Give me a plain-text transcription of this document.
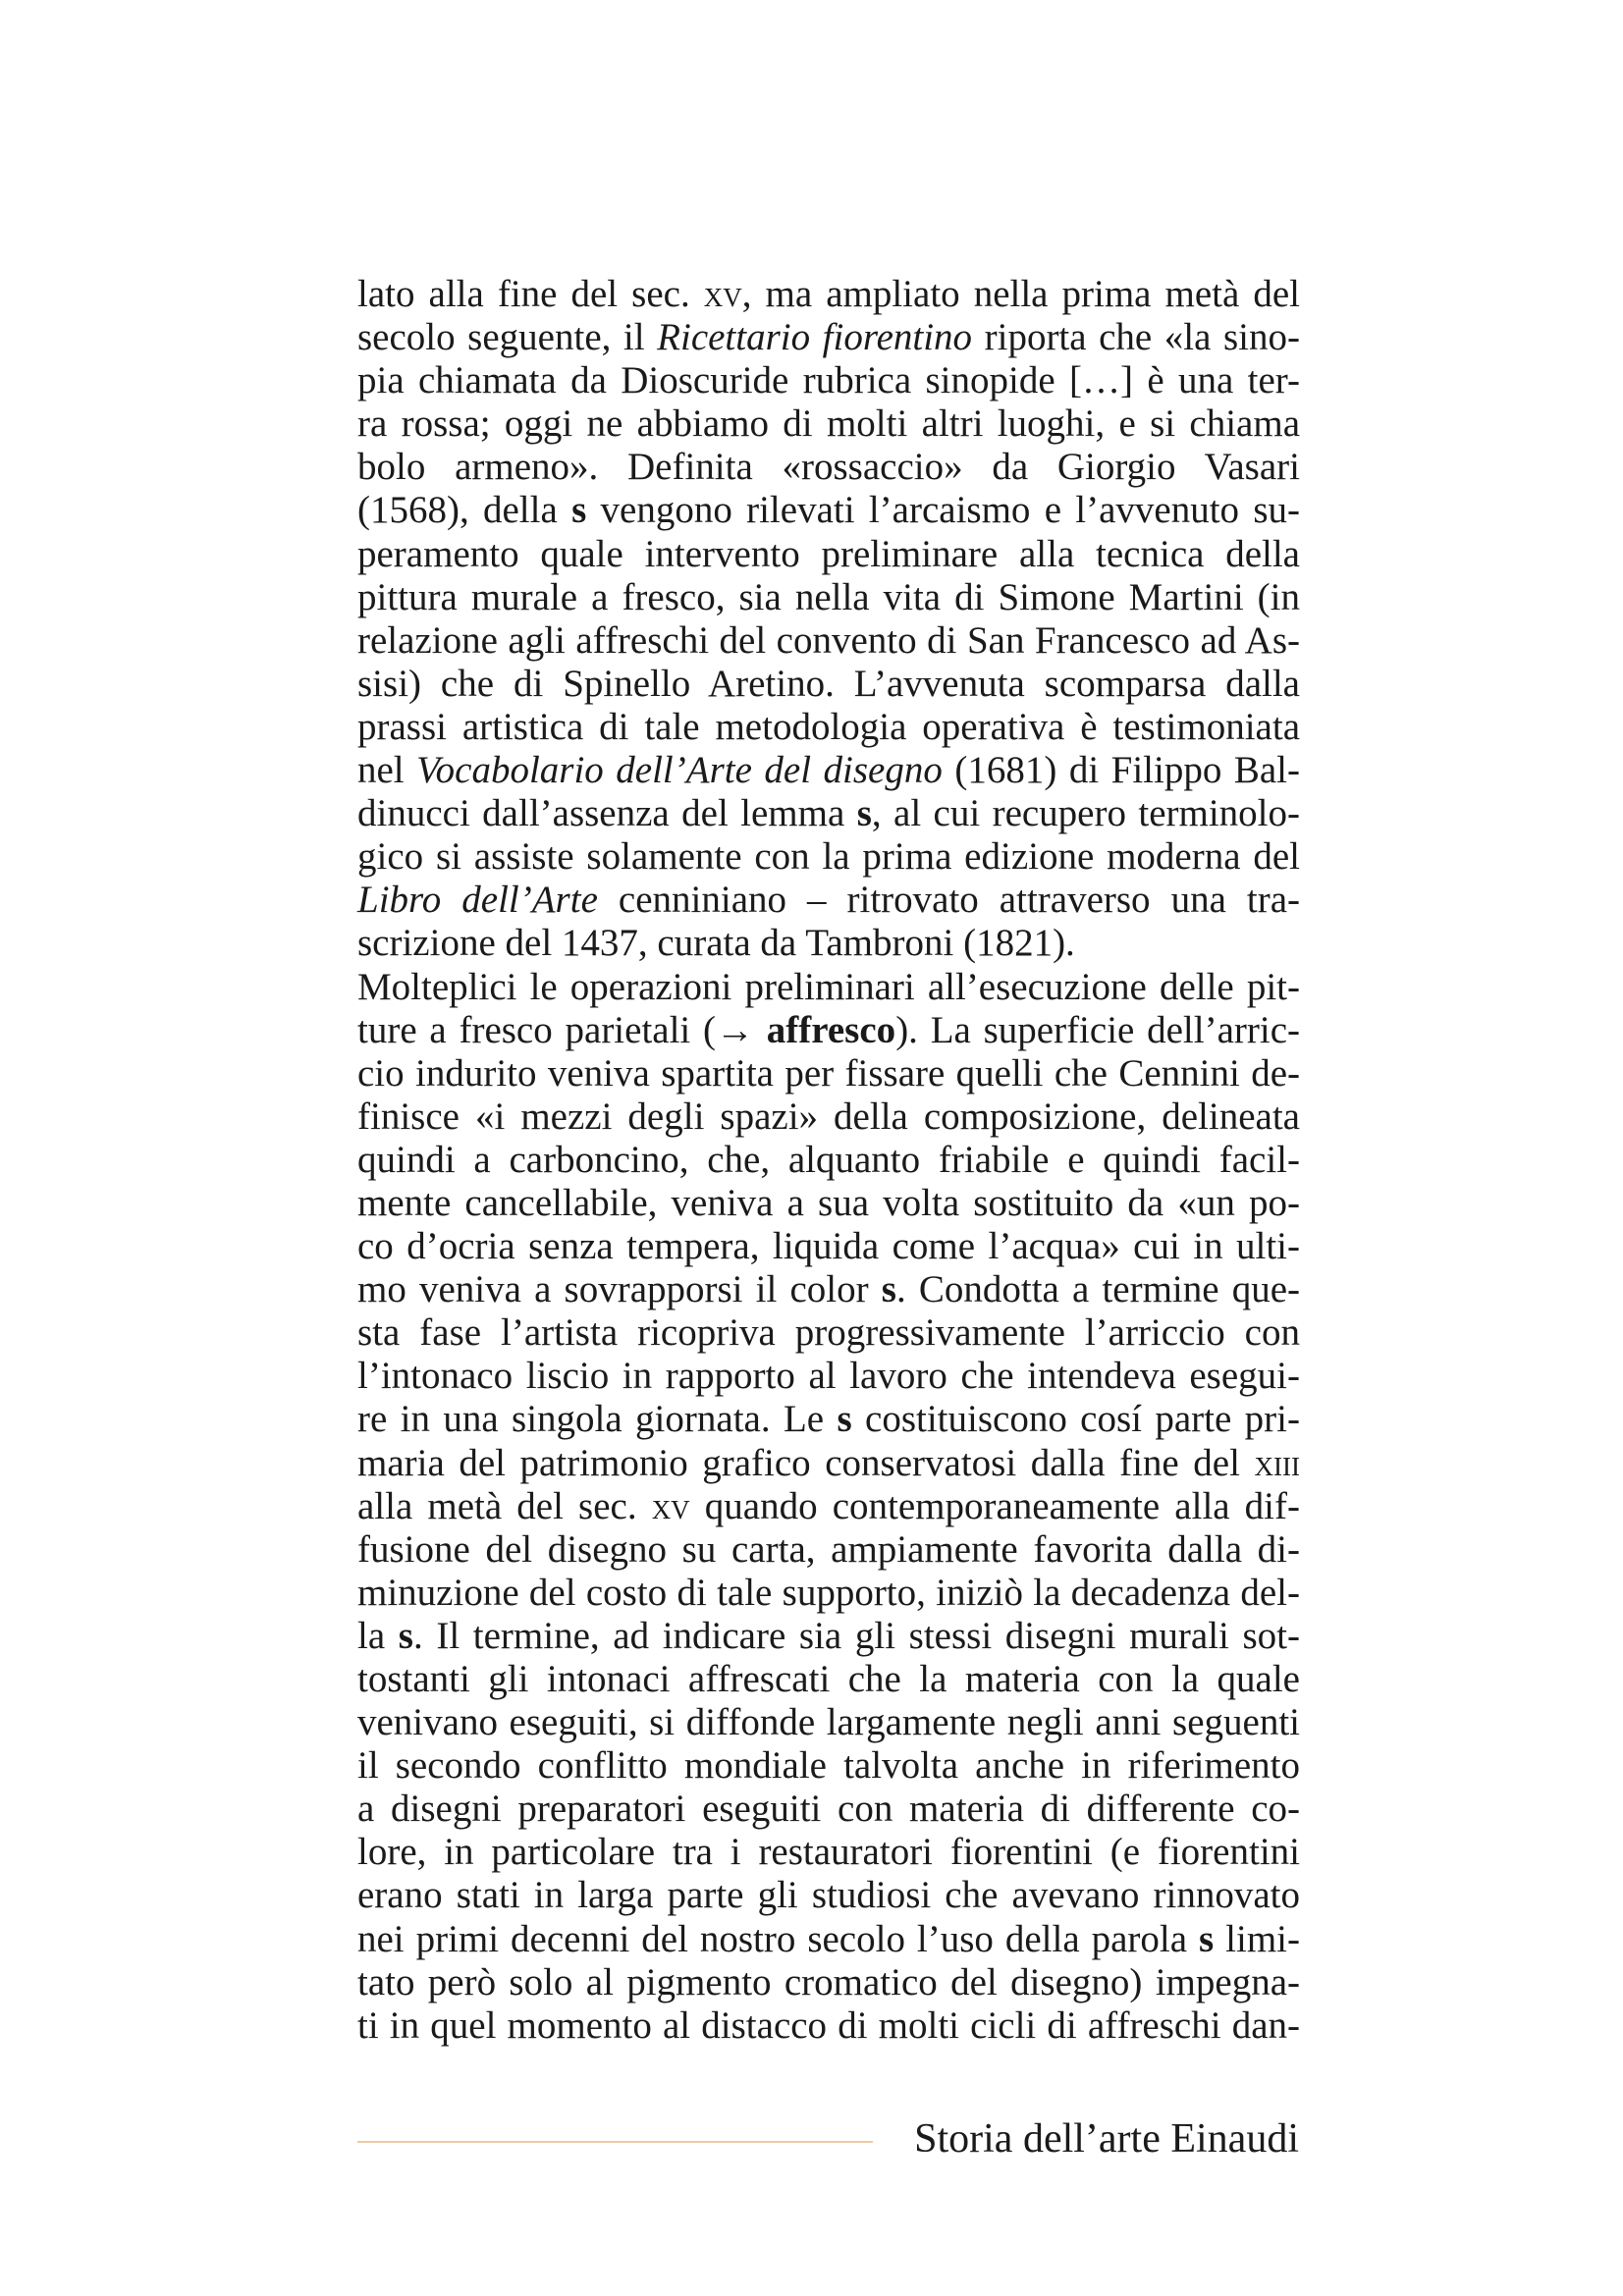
lato alla fine del sec. xv, ma ampliato nella prima metà del
secolo seguente, il Ricettario fiorentino riporta che «la sino-
pia chiamata da Dioscuride rubrica sinopide […] è una ter-
ra rossa; oggi ne abbiamo di molti altri luoghi, e si chiama
bolo armeno». Definita «rossaccio» da Giorgio Vasari
(1568), della s vengono rilevati l’arcaismo e l’avvenuto su-
peramento quale intervento preliminare alla tecnica della
pittura murale a fresco, sia nella vita di Simone Martini (in
relazione agli affreschi del convento di San Francesco ad As-
sisi) che di Spinello Aretino. L’avvenuta scomparsa dalla
prassi artistica di tale metodologia operativa è testimoniata
nel Vocabolario dell’Arte del disegno (1681) di Filippo Bal-
dinucci dall’assenza del lemma s, al cui recupero terminolo-
gico si assiste solamente con la prima edizione moderna del
Libro dell’Arte cenniniano – ritrovato attraverso una tra-
scrizione del 1437, curata da Tambroni (1821).
Molteplici le operazioni preliminari all’esecuzione delle pit-
ture a fresco parietali (→ affresco). La superficie dell’arric-
cio indurito veniva spartita per fissare quelli che Cennini de-
finisce «i mezzi degli spazi» della composizione, delineata
quindi a carboncino, che, alquanto friabile e quindi facil-
mente cancellabile, veniva a sua volta sostituito da «un po-
co d’ocria senza tempera, liquida come l’acqua» cui in ulti-
mo veniva a sovrapporsi il color s. Condotta a termine que-
sta fase l’artista ricopriva progressivamente l’arriccio con
l’intonaco liscio in rapporto al lavoro che intendeva esegui-
re in una singola giornata. Le s costituiscono cosí parte pri-
maria del patrimonio grafico conservatosi dalla fine del xiii
alla metà del sec. xv quando contemporaneamente alla dif-
fusione del disegno su carta, ampiamente favorita dalla di-
minuzione del costo di tale supporto, iniziò la decadenza del-
la s. Il termine, ad indicare sia gli stessi disegni murali sot-
tostanti gli intonaci affrescati che la materia con la quale
venivano eseguiti, si diffonde largamente negli anni seguenti
il secondo conflitto mondiale talvolta anche in riferimento
a disegni preparatori eseguiti con materia di differente co-
lore, in particolare tra i restauratori fiorentini (e fiorentini
erano stati in larga parte gli studiosi che avevano rinnovato
nei primi decenni del nostro secolo l’uso della parola s limi-
tato però solo al pigmento cromatico del disegno) impegna-
ti in quel momento al distacco di molti cicli di affreschi dan-
Storia dell’arte Einaudi
